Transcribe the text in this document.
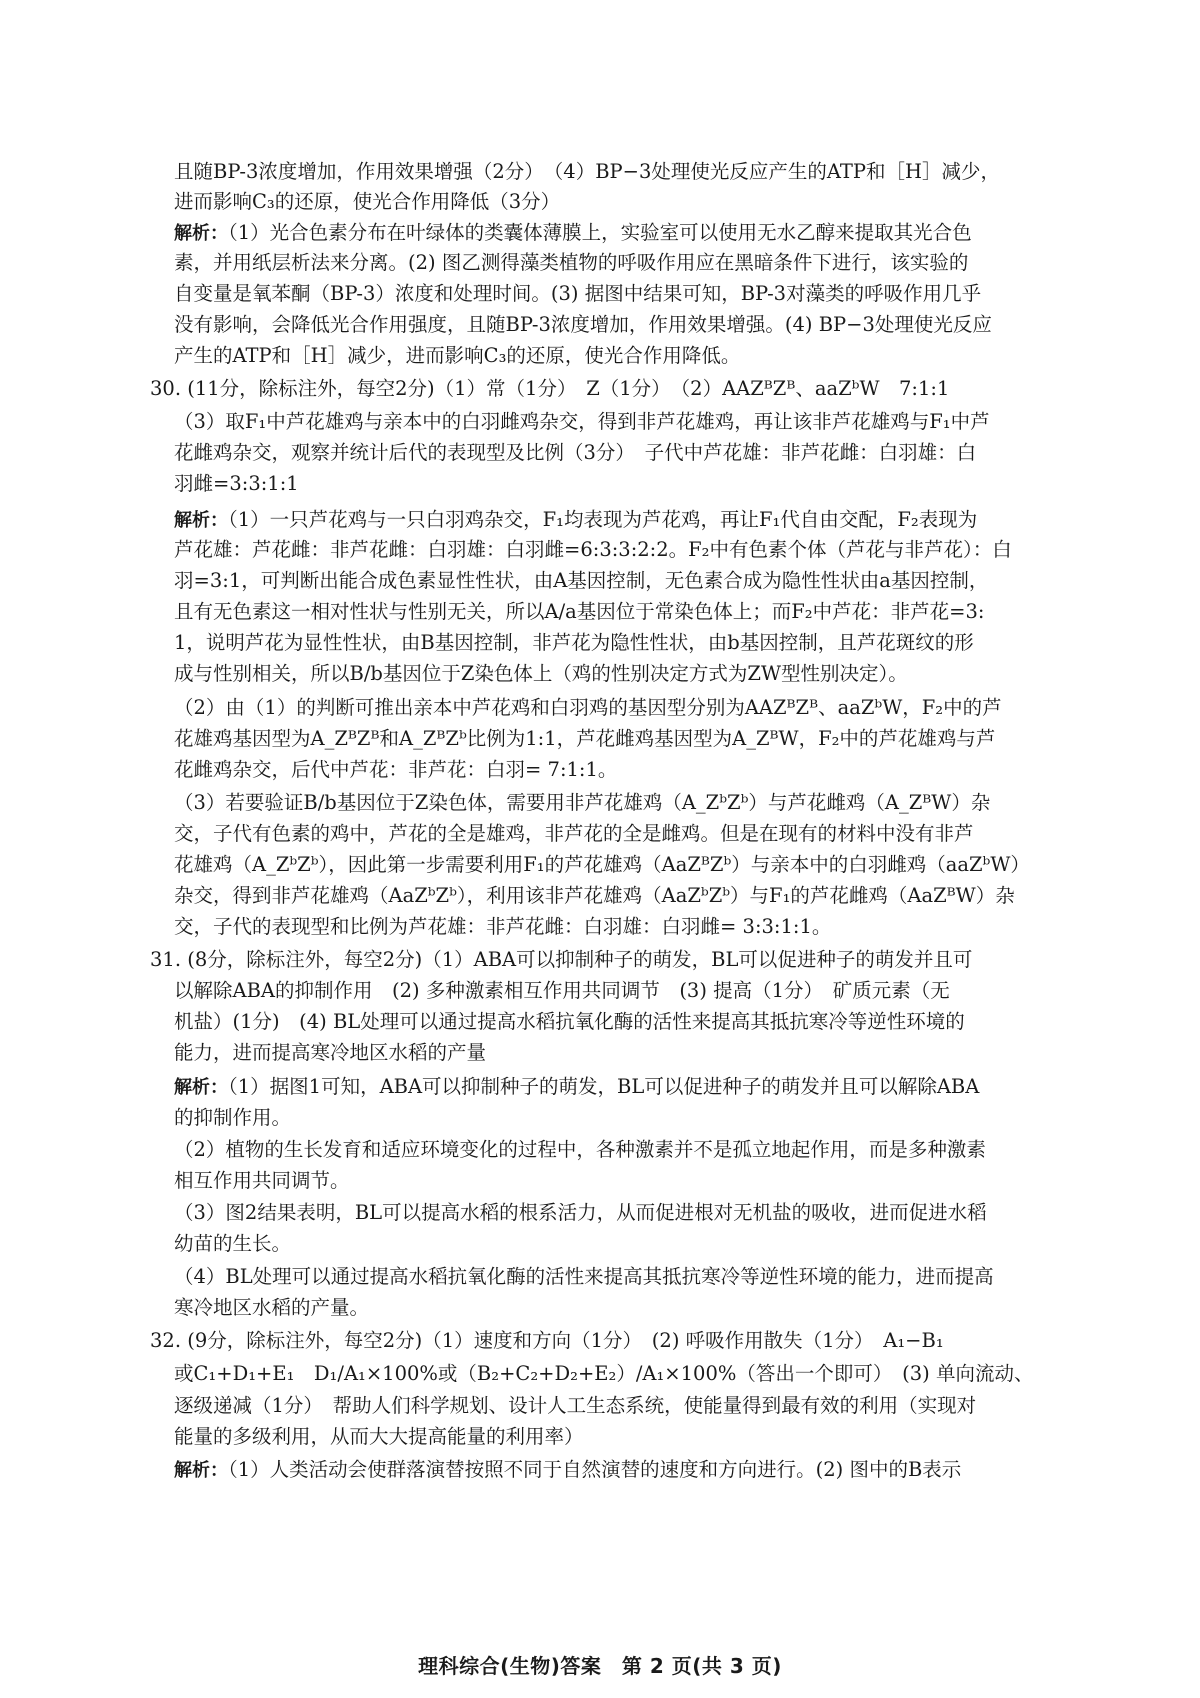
且随BP-3浓度增加，作用效果增强（2分）　（4）BP−3处理使光反应产生的ATP和［H］减少，
进而影响C₃的还原，使光合作用降低（3分）
解析：（1）光合色素分布在叶绿体的类囊体薄膜上，实验室可以使用无水乙醇来提取其光合色
素，并用纸层析法来分离。(2) 图乙测得藻类植物的呼吸作用应在黑暗条件下进行，该实验的
自变量是氧苯酮（BP-3）浓度和处理时间。(3) 据图中结果可知，BP-3对藻类的呼吸作用几乎
没有影响，会降低光合作用强度，且随BP-3浓度增加，作用效果增强。(4) BP−3处理使光反应
产生的ATP和［H］减少，进而影响C₃的还原，使光合作用降低。
30. (11分，除标注外，每空2分)（1）常（1分）　Z（1分）　（2）AAZᴮZᴮ、aaZᵇW　7:1:1
（3）取F₁中芦花雄鸡与亲本中的白羽雌鸡杂交，得到非芦花雄鸡，再让该非芦花雄鸡与F₁中芦
花雌鸡杂交，观察并统计后代的表现型及比例（3分）　子代中芦花雄：非芦花雌：白羽雄：白
羽雌=3:3:1:1
解析：（1）一只芦花鸡与一只白羽鸡杂交，F₁均表现为芦花鸡，再让F₁代自由交配，F₂表现为
芦花雄：芦花雌：非芦花雌：白羽雄：白羽雌=6:3:3:2:2。F₂中有色素个体（芦花与非芦花）：白
羽=3:1，可判断出能合成色素显性性状，由A基因控制，无色素合成为隐性性状由a基因控制，
且有无色素这一相对性状与性别无关，所以A/a基因位于常染色体上；而F₂中芦花：非芦花=3:
1，说明芦花为显性性状，由B基因控制，非芦花为隐性性状，由b基因控制，且芦花斑纹的形
成与性别相关，所以B/b基因位于Z染色体上（鸡的性别决定方式为ZW型性别决定）。
（2）由（1）的判断可推出亲本中芦花鸡和白羽鸡的基因型分别为AAZᴮZᴮ、aaZᵇW，F₂中的芦
花雄鸡基因型为A_ZᴮZᴮ和A_ZᴮZᵇ比例为1:1，芦花雌鸡基因型为A_ZᴮW，F₂中的芦花雄鸡与芦
花雌鸡杂交，后代中芦花：非芦花：白羽= 7:1:1。
（3）若要验证B/b基因位于Z染色体，需要用非芦花雄鸡（A_ZᵇZᵇ）与芦花雌鸡（A_ZᴮW）杂
交，子代有色素的鸡中，芦花的全是雄鸡，非芦花的全是雌鸡。但是在现有的材料中没有非芦
花雄鸡（A_ZᵇZᵇ），因此第一步需要利用F₁的芦花雄鸡（AaZᴮZᵇ）与亲本中的白羽雌鸡（aaZᵇW）
杂交，得到非芦花雄鸡（AaZᵇZᵇ），利用该非芦花雄鸡（AaZᵇZᵇ）与F₁的芦花雌鸡（AaZᴮW）杂
交，子代的表现型和比例为芦花雄：非芦花雌：白羽雄：白羽雌= 3:3:1:1。
31. (8分，除标注外，每空2分)（1）ABA可以抑制种子的萌发，BL可以促进种子的萌发并且可
以解除ABA的抑制作用　(2) 多种激素相互作用共同调节　(3) 提高（1分）　矿质元素（无
机盐）(1分)　(4) BL处理可以通过提高水稻抗氧化酶的活性来提高其抵抗寒冷等逆性环境的
能力，进而提高寒冷地区水稻的产量
解析：（1）据图1可知，ABA可以抑制种子的萌发，BL可以促进种子的萌发并且可以解除ABA
的抑制作用。
（2）植物的生长发育和适应环境变化的过程中，各种激素并不是孤立地起作用，而是多种激素
相互作用共同调节。
（3）图2结果表明，BL可以提高水稻的根系活力，从而促进根对无机盐的吸收，进而促进水稻
幼苗的生长。
（4）BL处理可以通过提高水稻抗氧化酶的活性来提高其抵抗寒冷等逆性环境的能力，进而提高
寒冷地区水稻的产量。
32. (9分，除标注外，每空2分)（1）速度和方向（1分）　(2) 呼吸作用散失（1分）　A₁−B₁
或C₁+D₁+E₁　D₁/A₁×100%或（B₂+C₂+D₂+E₂）/A₁×100%（答出一个即可）　(3) 单向流动、
逐级递减（1分）　帮助人们科学规划、设计人工生态系统，使能量得到最有效的利用（实现对
能量的多级利用，从而大大提高能量的利用率）
解析：（1）人类活动会使群落演替按照不同于自然演替的速度和方向进行。(2) 图中的B表示
理科综合(生物)答案　第 2 页(共 3 页)
